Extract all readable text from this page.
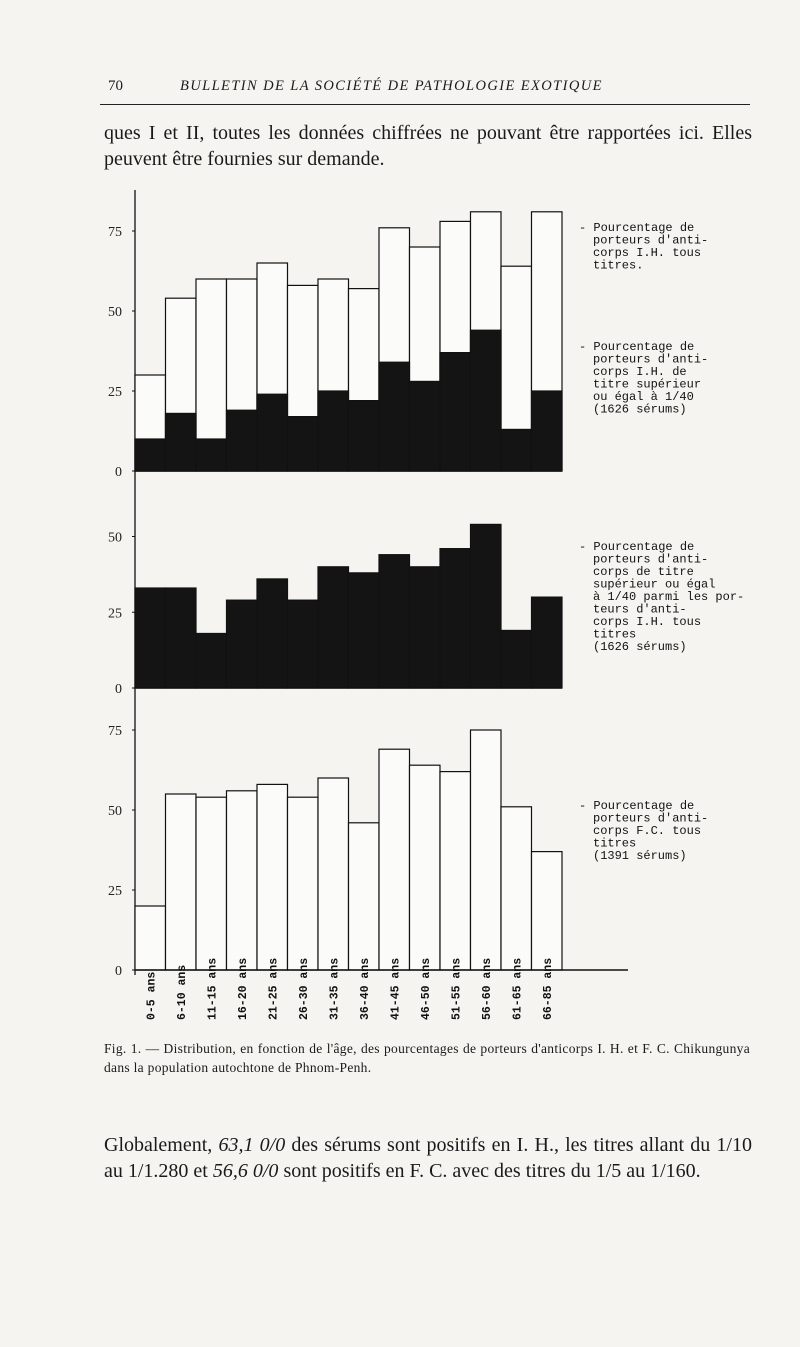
70	BULLETIN DE LA SOCIÉTÉ DE PATHOLOGIE EXOTIQUE
ques I et II, toutes les données chiffrées ne pouvant être rapportées ici. Elles peuvent être fournies sur demande.
0
25
50
75
0
25
50
0
25
50
75
0-5 ans 6-10 ans 11-15 ans 16-20 ans 21-25 ans 26-30 ans 31-35 ans 36-40 ans 41-45 ans 46-50 ans 51-55 ans 56-60 ans 61-65 ans 66-85 ans
- Pourcentage de
porteurs d'anti-
corps I.H. tous
titres.
- Pourcentage de
porteurs d'anti-
corps I.H. de
titre supérieur
ou égal à 1/40
(1626 sérums)
- Pourcentage de
porteurs d'anti-
corps de titre
supérieur ou égal
à 1/40 parmi les por-
teurs d'anti-
corps I.H. tous
titres
(1626 sérums)
- Pourcentage de
porteurs d'anti-
corps F.C. tous
titres
(1391 sérums)
Fig. 1. — Distribution, en fonction de l'âge, des pourcentages de porteurs d'anticorps I. H. et F. C. Chikungunya dans la population autochtone de Phnom-Penh.
Globalement, 63,1 0/0 des sérums sont positifs en I. H., les titres allant du 1/10 au 1/1.280 et 56,6 0/0 sont positifs en F. C. avec des titres du 1/5 au 1/160.
